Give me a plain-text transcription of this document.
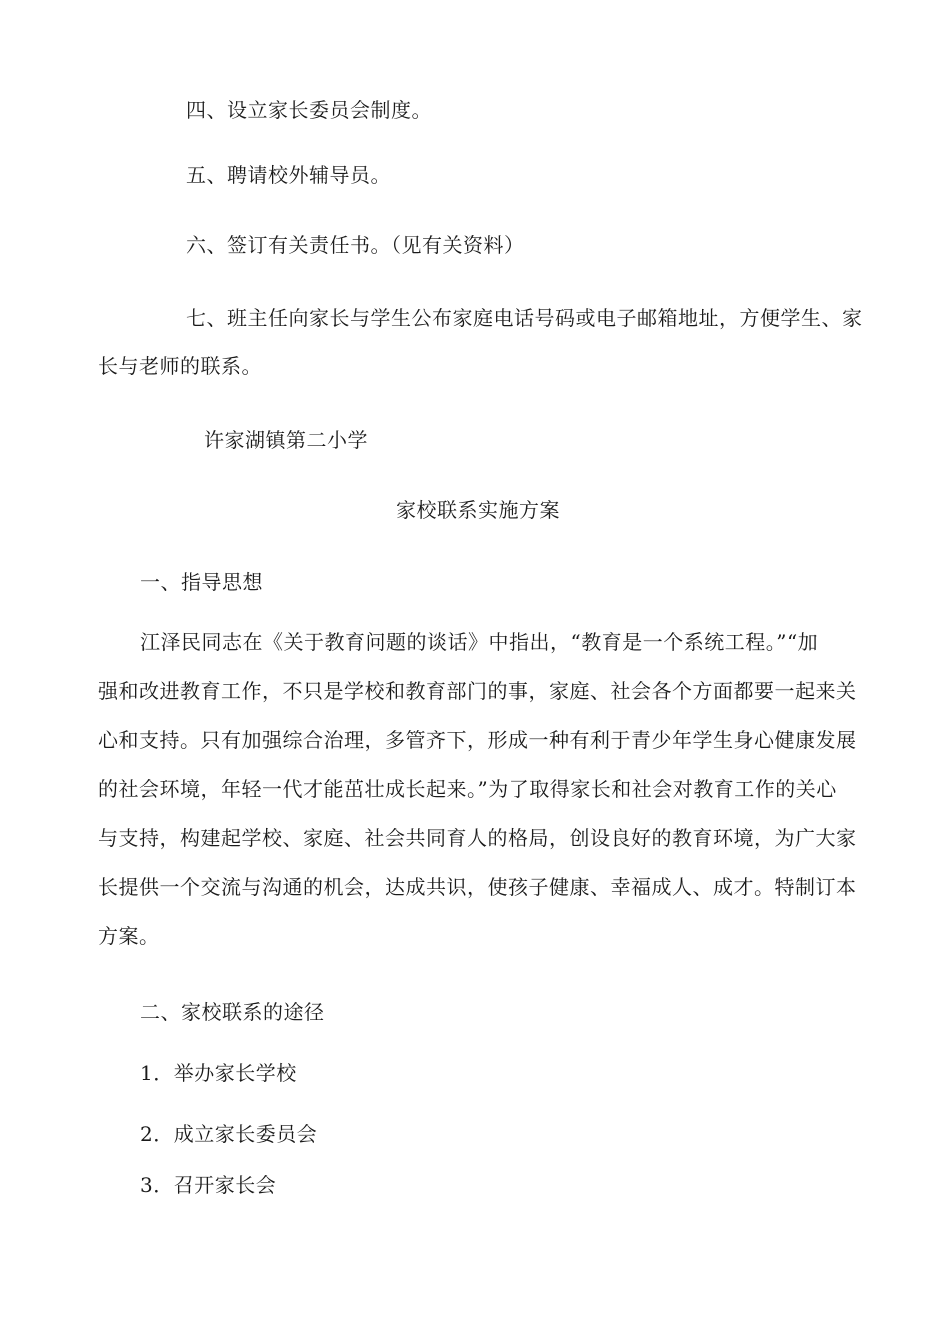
四、设立家长委员会制度。
五、聘请校外辅导员。
六、签订有关责任书。（见有关资料）
七、班主任向家长与学生公布家庭电话号码或电子邮箱地址，方便学生、家
长与老师的联系。
许家湖镇第二小学
家校联系实施方案
一、指导思想
江泽民同志在《关于教育问题的谈话》中指出，“教育是一个系统工程。”“加
强和改进教育工作，不只是学校和教育部门的事，家庭、社会各个方面都要一起来关
心和支持。只有加强综合治理，多管齐下，形成一种有利于青少年学生身心健康发展
的社会环境，年轻一代才能茁壮成长起来。”为了取得家长和社会对教育工作的关心
与支持，构建起学校、家庭、社会共同育人的格局，创设良好的教育环境，为广大家
长提供一个交流与沟通的机会，达成共识，使孩子健康、幸福成人、成才。特制订本
方案。
二、家校联系的途径
1．举办家长学校
2．成立家长委员会
3．召开家长会
